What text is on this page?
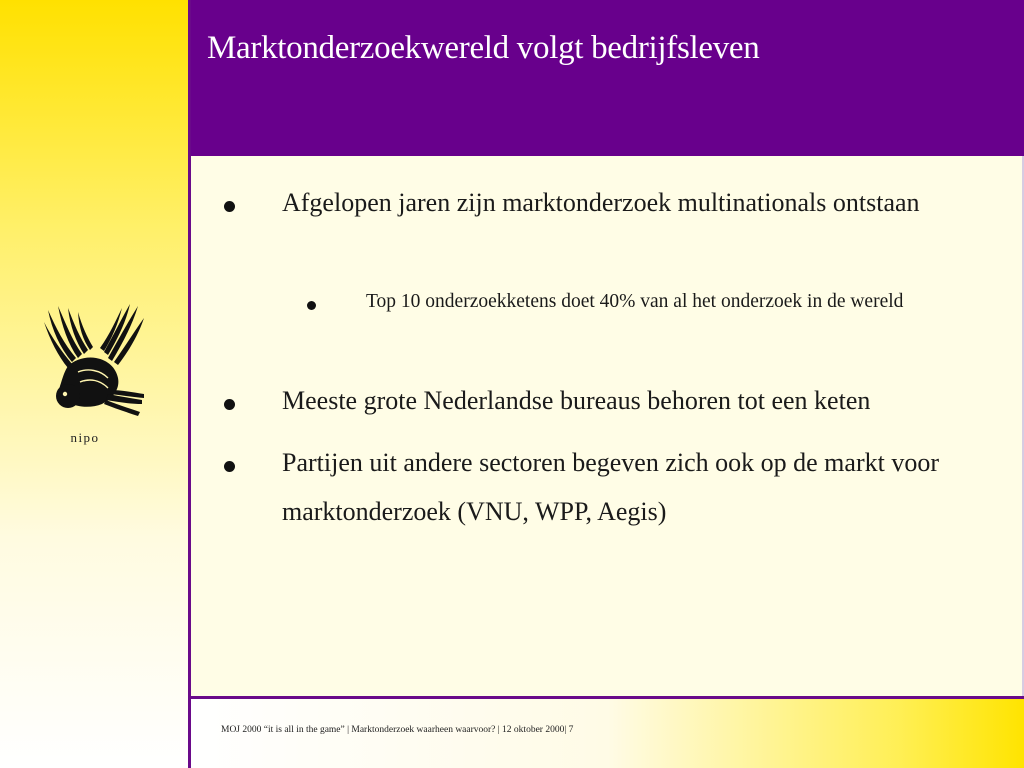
nipo
Marktonderzoekwereld volgt bedrijfsleven
Afgelopen jaren zijn marktonderzoek multinationals ontstaan
Top 10 onderzoekketens doet 40% van al het onderzoek in de wereld
Meeste grote Nederlandse bureaus behoren tot een keten
Partijen uit andere sectoren begeven zich ook op de markt voor marktonderzoek (VNU, WPP, Aegis)
MOJ 2000 “it is all in the game” | Marktonderzoek waarheen waarvoor? | 12 oktober 2000| 7
